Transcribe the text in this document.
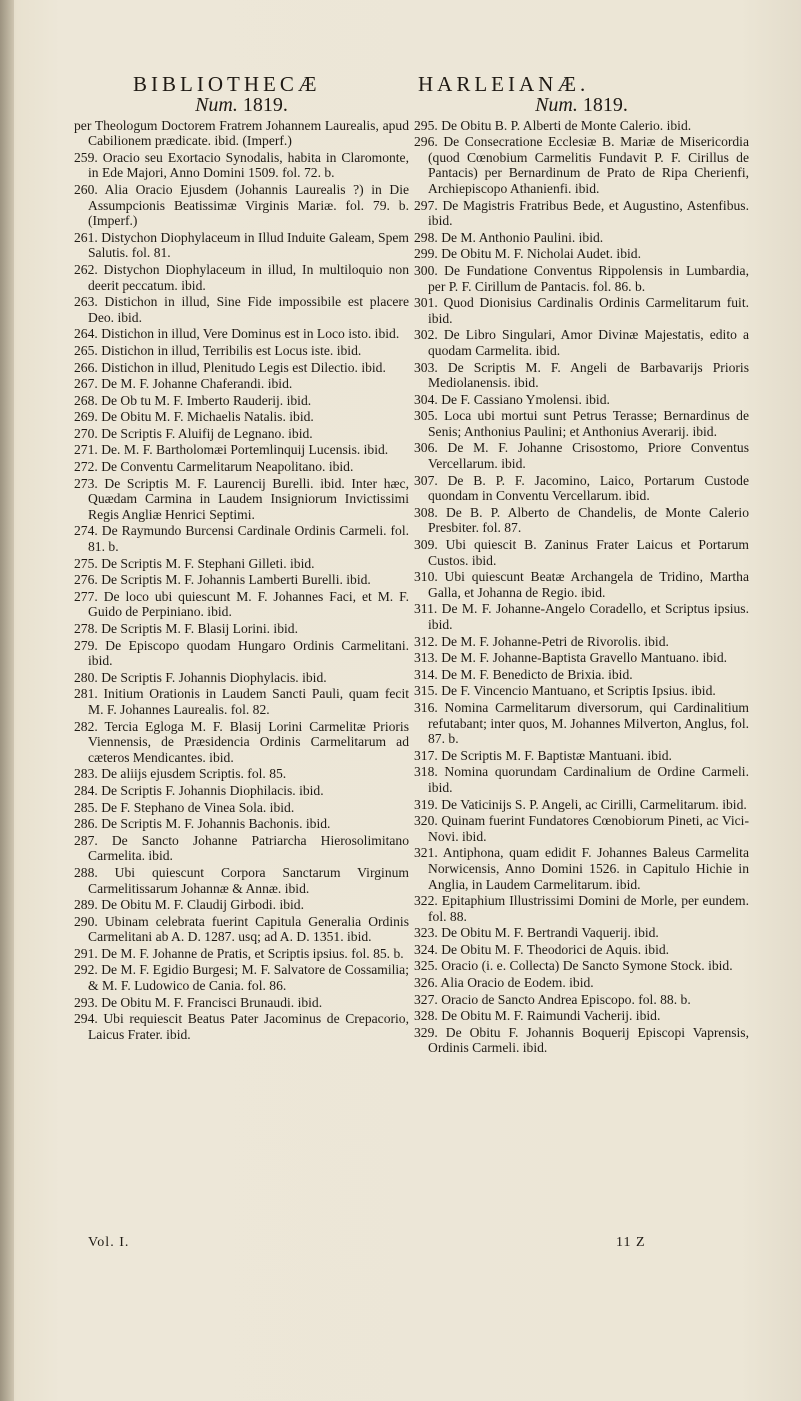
BIBLIOTHECÆ	HARLEIANÆ.
Num. 1819.

per Theologum Doctorem Fratrem Johannem Laurealis, apud Cabilionem prædicate. ibid. (Imperf.)

259. Oracio seu Exortacio Synodalis, habita in Claromonte, in Ede Majori, Anno Domini 1509. fol. 72. b.

260. Alia Oracio Ejusdem (Johannis Laurealis ?) in Die Assumpcionis Beatissimæ Virginis Mariæ. fol. 79. b. (Imperf.)

261. Distychon Diophylaceum in Illud Induite Galeam, Spem Salutis. fol. 81.

262. Distychon Diophylaceum in illud, In multiloquio non deerit peccatum. ibid.

263. Distichon in illud, Sine Fide impossibile est placere Deo. ibid.

264. Distichon in illud, Vere Dominus est in Loco isto. ibid.

265. Distichon in illud, Terribilis est Locus iste. ibid.

266. Distichon in illud, Plenitudo Legis est Dilectio. ibid.

267. De M. F. Johanne Chaferandi. ibid.

268. De Ob tu M. F. Imberto Rauderij. ibid.

269. De Obitu M. F. Michaelis Natalis. ibid.

270. De Scriptis F. Aluifij de Legnano. ibid.

271. De. M. F. Bartholomæi Portemlinquij Lucensis. ibid.

272. De Conventu Carmelitarum Neapolitano. ibid.

273. De Scriptis M. F. Laurencij Burelli. ibid. Inter hæc, Quædam Carmina in Laudem Insigniorum Invictissimi Regis Angliæ Henrici Septimi.

274. De Raymundo Burcensi Cardinale Ordinis Carmeli. fol. 81. b.

275. De Scriptis M. F. Stephani Gilleti. ibid.

276. De Scriptis M. F. Johannis Lamberti Burelli. ibid.

277. De loco ubi quiescunt M. F. Johannes Faci, et M. F. Guido de Perpiniano. ibid.

278. De Scriptis M. F. Blasij Lorini. ibid.

279. De Episcopo quodam Hungaro Ordinis Carmelitani. ibid.

280. De Scriptis F. Johannis Diophylacis. ibid.

281. Initium Orationis in Laudem Sancti Pauli, quam fecit M. F. Johannes Laurealis. fol. 82.

282. Tercia Egloga M. F. Blasij Lorini Carmelitæ Prioris Viennensis, de Præsidencia Ordinis Carmelitarum ad cæteros Mendicantes. ibid.

283. De aliijs ejusdem Scriptis. fol. 85.

284. De Scriptis F. Johannis Diophilacis. ibid.

285. De F. Stephano de Vinea Sola. ibid.

286. De Scriptis M. F. Johannis Bachonis. ibid.

287. De Sancto Johanne Patriarcha Hierosolimitano Carmelita. ibid.

288. Ubi quiescunt Corpora Sanctarum Virginum Carmelitissarum Johannæ & Annæ. ibid.

289. De Obitu M. F. Claudij Girbodi. ibid.

290. Ubinam celebrata fuerint Capitula Generalia Ordinis Carmelitani ab A. D. 1287. usq; ad A. D. 1351. ibid.

291. De M. F. Johanne de Pratis, et Scriptis ipsius. fol. 85. b.

292. De M. F. Egidio Burgesi; M. F. Salvatore de Cossamilia; & M. F. Ludowico de Cania. fol. 86.

293. De Obitu M. F. Francisci Brunaudi. ibid.

294. Ubi requiescit Beatus Pater Jacominus de Crepacorio, Laicus Frater. ibid.

Num. 1819.

295. De Obitu B. P. Alberti de Monte Calerio. ibid.

296. De Consecratione Ecclesiæ B. Mariæ de Misericordia (quod Cœnobium Carmelitis Fundavit P. F. Cirillus de Pantacis) per Bernardinum de Prato de Ripa Cherienfi, Archiepiscopo Athanienfi. ibid.

297. De Magistris Fratribus Bede, et Augustino, Astenfibus. ibid.

298. De M. Anthonio Paulini. ibid.

299. De Obitu M. F. Nicholai Audet. ibid.

300. De Fundatione Conventus Rippolensis in Lumbardia, per P. F. Cirillum de Pantacis. fol. 86. b.

301. Quod Dionisius Cardinalis Ordinis Carmelitarum fuit. ibid.

302. De Libro Singulari, Amor Divinæ Majestatis, edito a quodam Carmelita. ibid.

303. De Scriptis M. F. Angeli de Barbavarijs Prioris Mediolanensis. ibid.

304. De F. Cassiano Ymolensi. ibid.

305. Loca ubi mortui sunt Petrus Terasse; Bernardinus de Senis; Anthonius Paulini; et Anthonius Averarij. ibid.

306. De M. F. Johanne Crisostomo, Priore Conventus Vercellarum. ibid.

307. De B. P. F. Jacomino, Laico, Portarum Custode quondam in Conventu Vercellarum. ibid.

308. De B. P. Alberto de Chandelis, de Monte Calerio Presbiter. fol. 87.

309. Ubi quiescit B. Zaninus Frater Laicus et Portarum Custos. ibid.

310. Ubi quiescunt Beatæ Archangela de Tridino, Martha Galla, et Johanna de Regio. ibid.

311. De M. F. Johanne-Angelo Coradello, et Scriptus ipsius. ibid.

312. De M. F. Johanne-Petri de Rivorolis. ibid.

313. De M. F. Johanne-Baptista Gravello Mantuano. ibid.

314. De M. F. Benedicto de Brixia. ibid.

315. De F. Vincencio Mantuano, et Scriptis Ipsius. ibid.

316. Nomina Carmelitarum diversorum, qui Cardinalitium refutabant; inter quos, M. Johannes Milverton, Anglus, fol. 87. b.

317. De Scriptis M. F. Baptistæ Mantuani. ibid.

318. Nomina quorundam Cardinalium de Ordine Carmeli. ibid.

319. De Vaticinijs S. P. Angeli, ac Cirilli, Carmelitarum. ibid.

320. Quinam fuerint Fundatores Cœnobiorum Pineti, ac Vici-Novi. ibid.

321. Antiphona, quam edidit F. Johannes Baleus Carmelita Norwicensis, Anno Domini 1526. in Capitulo Hichie in Anglia, in Laudem Carmelitarum. ibid.

322. Epitaphium Illustrissimi Domini de Morle, per eundem. fol. 88.

323. De Obitu M. F. Bertrandi Vaquerij. ibid.

324. De Obitu M. F. Theodorici de Aquis. ibid.

325. Oracio (i. e. Collecta) De Sancto Symone Stock. ibid.

326. Alia Oracio de Eodem. ibid.

327. Oracio de Sancto Andrea Episcopo. fol. 88. b.

328. De Obitu M. F. Raimundi Vacherij. ibid.

329. De Obitu F. Johannis Boquerij Episcopi Vaprensis, Ordinis Carmeli. ibid.

Vol. I.	11 Z
